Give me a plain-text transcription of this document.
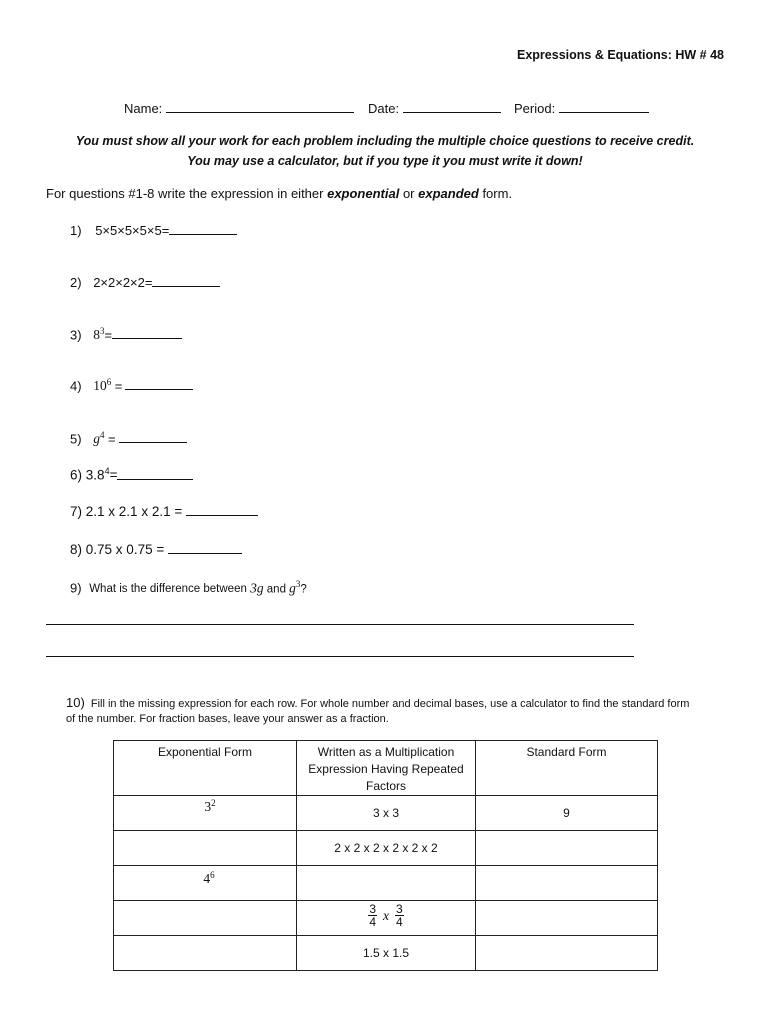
Expressions & Equations: HW # 48
Name:	Date:	Period:
You must show all your work for each problem including the multiple choice questions to receive credit.
You may use a calculator, but if you type it you must write it down!
For questions #1-8 write the expression in either exponential or expanded form.
1) 5×5×5×5×5=
2) 2×2×2×2=
3) $8^3=$
4) $10^6$ =
5) $g^4$ =
6) $3.8^4=$
7) 2.1 x 2.1 x 2.1 =
8) 0.75 x 0.75 =
9) What is the difference between 3g and $g^3$?
10) Fill in the missing expression for each row. For whole number and decimal bases, use a calculator to find the standard form
of the number. For fraction bases, leave your answer as a fraction.
Exponential Form	Written as a Multiplication
Expression Having Repeated
Factors	Standard Form
$3^2$	3 x 3	9
	2 x 2 x 2 x 2 x 2 x 2	
$4^6$		

	$\frac{3}{4}$ x $\frac{3}{4}$

	1.5 x 1.5	
